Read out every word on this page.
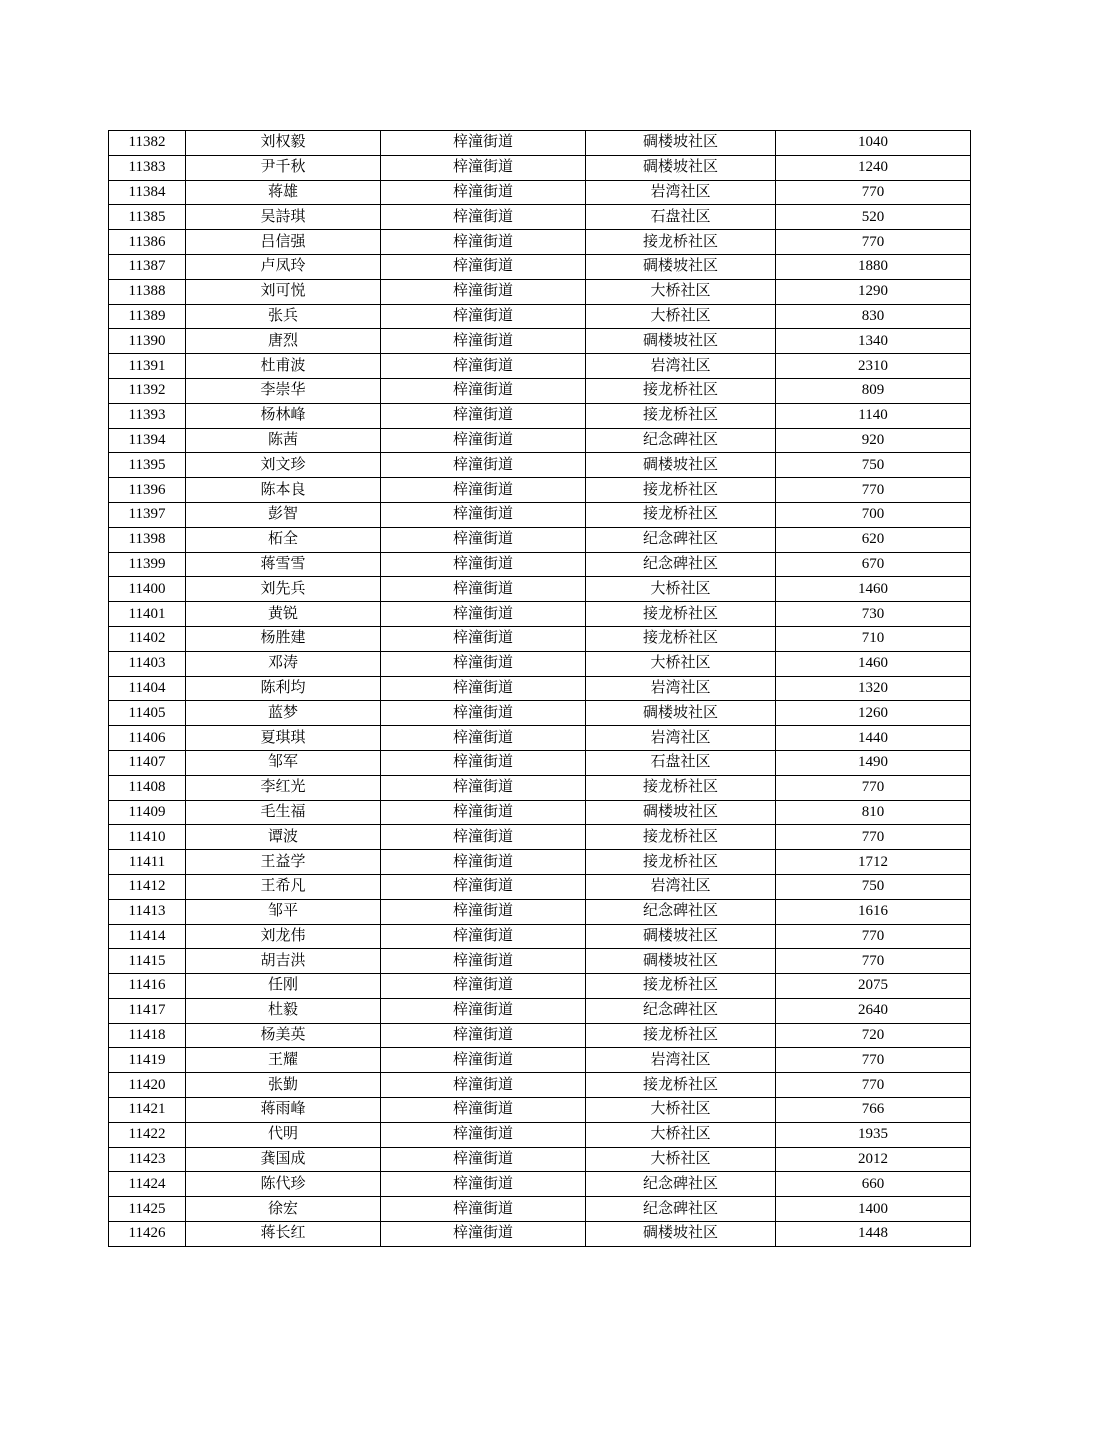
11382	刘权毅	梓潼街道	碉楼坡社区	1040
11383	尹千秋	梓潼街道	碉楼坡社区	1240
11384	蒋雄	梓潼街道	岩湾社区	770
11385	吴詩琪	梓潼街道	石盘社区	520
11386	吕信强	梓潼街道	接龙桥社区	770
11387	卢凤玲	梓潼街道	碉楼坡社区	1880
11388	刘可悦	梓潼街道	大桥社区	1290
11389	张兵	梓潼街道	大桥社区	830
11390	唐烈	梓潼街道	碉楼坡社区	1340
11391	杜甫波	梓潼街道	岩湾社区	2310
11392	李崇华	梓潼街道	接龙桥社区	809
11393	杨林峰	梓潼街道	接龙桥社区	1140
11394	陈茜	梓潼街道	纪念碑社区	920
11395	刘文珍	梓潼街道	碉楼坡社区	750
11396	陈本良	梓潼街道	接龙桥社区	770
11397	彭智	梓潼街道	接龙桥社区	700
11398	柘全	梓潼街道	纪念碑社区	620
11399	蒋雪雪	梓潼街道	纪念碑社区	670
11400	刘先兵	梓潼街道	大桥社区	1460
11401	黄锐	梓潼街道	接龙桥社区	730
11402	杨胜建	梓潼街道	接龙桥社区	710
11403	邓涛	梓潼街道	大桥社区	1460
11404	陈利均	梓潼街道	岩湾社区	1320
11405	蓝梦	梓潼街道	碉楼坡社区	1260
11406	夏琪琪	梓潼街道	岩湾社区	1440
11407	邹军	梓潼街道	石盘社区	1490
11408	李红光	梓潼街道	接龙桥社区	770
11409	毛生福	梓潼街道	碉楼坡社区	810
11410	谭波	梓潼街道	接龙桥社区	770
11411	王益学	梓潼街道	接龙桥社区	1712
11412	王希凡	梓潼街道	岩湾社区	750
11413	邹平	梓潼街道	纪念碑社区	1616
11414	刘龙伟	梓潼街道	碉楼坡社区	770
11415	胡吉洪	梓潼街道	碉楼坡社区	770
11416	任刚	梓潼街道	接龙桥社区	2075
11417	杜毅	梓潼街道	纪念碑社区	2640
11418	杨美英	梓潼街道	接龙桥社区	720
11419	王耀	梓潼街道	岩湾社区	770
11420	张勤	梓潼街道	接龙桥社区	770
11421	蒋雨峰	梓潼街道	大桥社区	766
11422	代明	梓潼街道	大桥社区	1935
11423	龚国成	梓潼街道	大桥社区	2012
11424	陈代珍	梓潼街道	纪念碑社区	660
11425	徐宏	梓潼街道	纪念碑社区	1400
11426	蒋长红	梓潼街道	碉楼坡社区	1448
